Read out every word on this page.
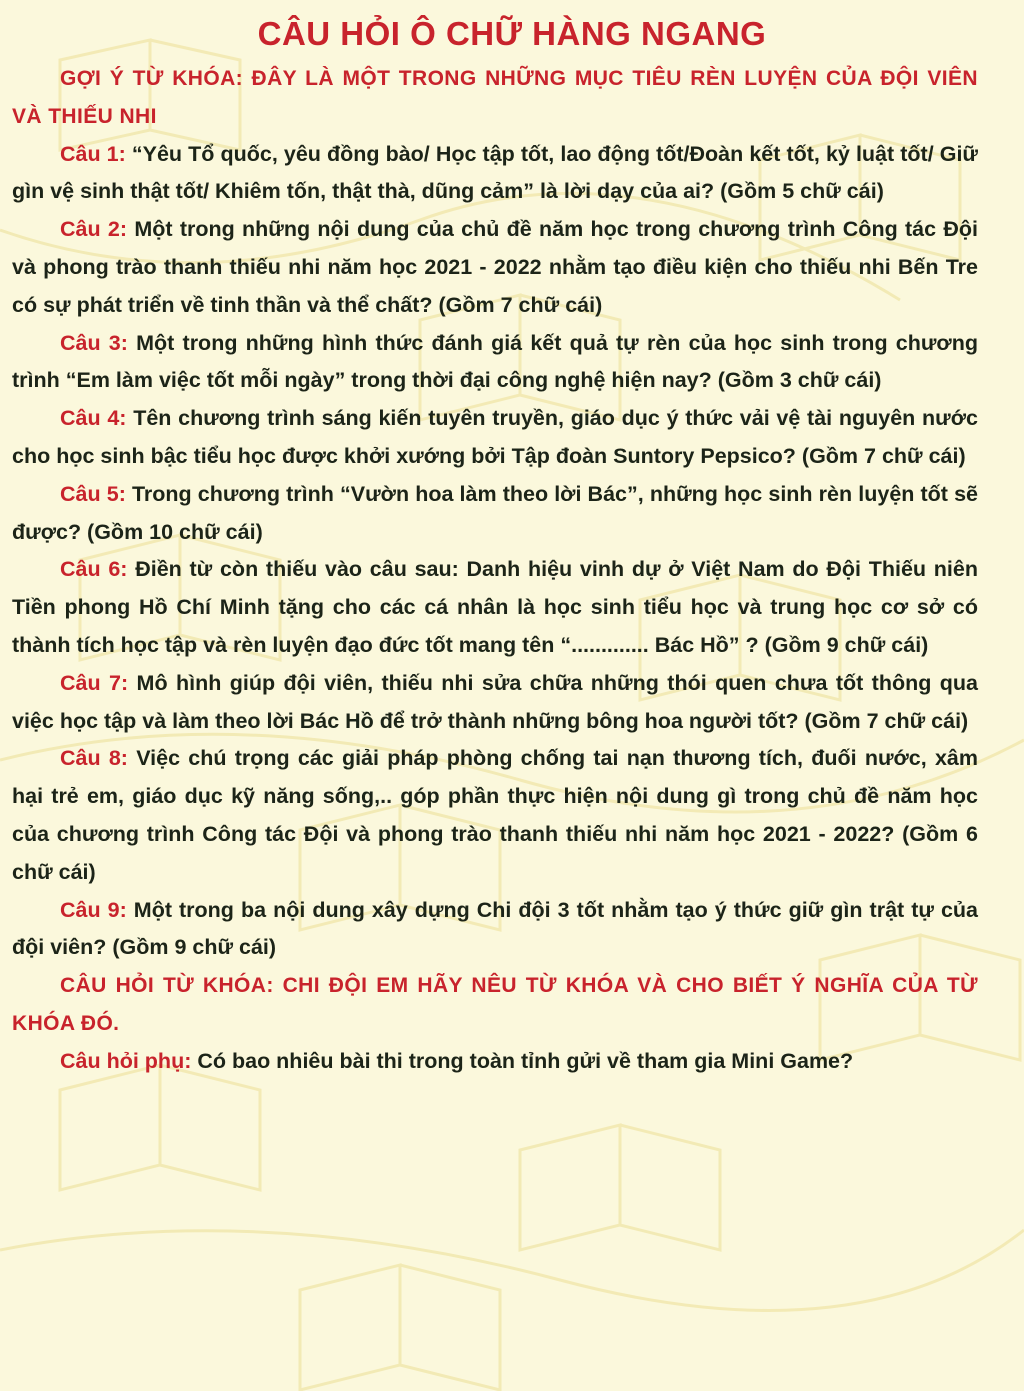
CÂU HỎI Ô CHỮ HÀNG NGANG

GỢI Ý TỪ KHÓA: ĐÂY LÀ MỘT TRONG NHỮNG MỤC TIÊU RÈN LUYỆN CỦA ĐỘI VIÊN VÀ THIẾU NHI

Câu 1: “Yêu Tổ quốc, yêu đồng bào/ Học tập tốt, lao động tốt/Đoàn kết tốt, kỷ luật tốt/ Giữ gìn vệ sinh thật tốt/ Khiêm tốn, thật thà, dũng cảm” là lời dạy của ai? (Gồm 5 chữ cái)

Câu 2: Một trong những nội dung của chủ đề năm học trong chương trình Công tác Đội và phong trào thanh thiếu nhi năm học 2021 - 2022 nhằm tạo điều kiện cho thiếu nhi Bến Tre có sự phát triển về tinh thần và thể chất? (Gồm 7 chữ cái)

Câu 3: Một trong những hình thức đánh giá kết quả tự rèn của học sinh trong chương trình “Em làm việc tốt mỗi ngày” trong thời đại công nghệ hiện nay? (Gồm 3 chữ cái)

Câu 4: Tên chương trình sáng kiến tuyên truyền, giáo dục ý thức vải vệ tài nguyên nước cho học sinh bậc tiểu học được khởi xướng bởi Tập đoàn Suntory Pepsico? (Gồm 7 chữ cái)

Câu 5: Trong chương trình “Vườn hoa làm theo lời Bác”, những học sinh rèn luyện tốt sẽ được? (Gồm 10 chữ cái)

Câu 6: Điền từ còn thiếu vào câu sau: Danh hiệu vinh dự ở Việt Nam do Đội Thiếu niên Tiền phong Hồ Chí Minh tặng cho các cá nhân là học sinh tiểu học và trung học cơ sở có thành tích học tập và rèn luyện đạo đức tốt mang tên “............. Bác Hồ” ? (Gồm 9 chữ cái)

Câu 7: Mô hình giúp đội viên, thiếu nhi sửa chữa những thói quen chưa tốt thông qua việc học tập và làm theo lời Bác Hồ để trở thành những bông hoa người tốt? (Gồm 7 chữ cái)

Câu 8: Việc chú trọng các giải pháp phòng chống tai nạn thương tích, đuối nước, xâm hại trẻ em, giáo dục kỹ năng sống,.. góp phần thực hiện nội dung gì trong chủ đề năm học của chương trình Công tác Đội và phong trào thanh thiếu nhi năm học 2021 - 2022? (Gồm 6 chữ cái)

Câu 9: Một trong ba nội dung xây dựng Chi đội 3 tốt nhằm tạo ý thức giữ gìn trật tự của đội viên? (Gồm 9 chữ cái)

CÂU HỎI TỪ KHÓA: CHI ĐỘI EM HÃY NÊU TỪ KHÓA VÀ CHO BIẾT Ý NGHĨA CỦA TỪ KHÓA ĐÓ.

Câu hỏi phụ: Có bao nhiêu bài thi trong toàn tỉnh gửi về tham gia Mini Game?
